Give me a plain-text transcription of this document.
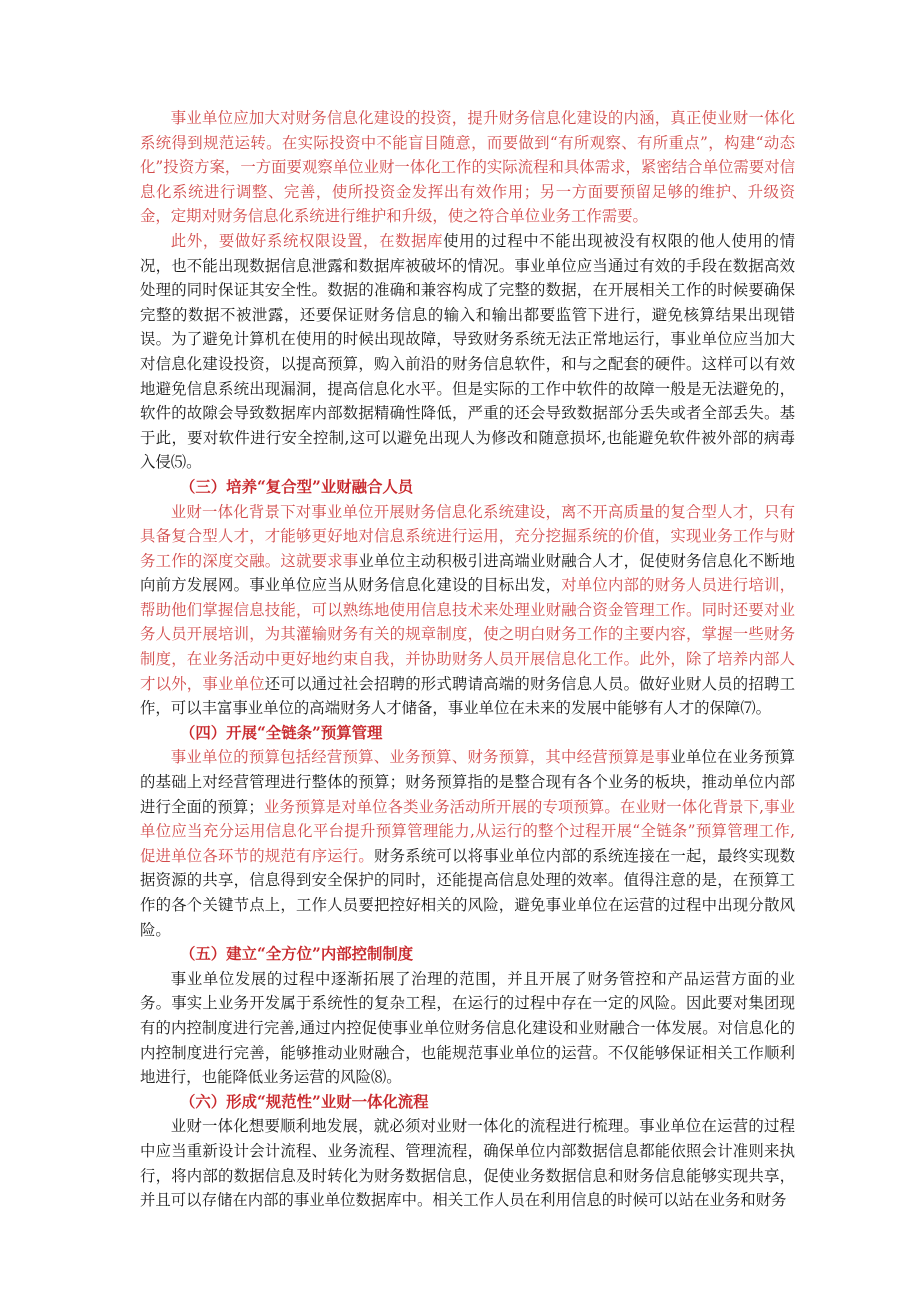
事业单位应加大对财务信息化建设的投资，提升财务信息化建设的内涵，真正使业财一体化系统得到规范运转。在实际投资中不能盲目随意，而要做到“有所观察、有所重点”，构建“动态化”投资方案，一方面要观察单位业财一体化工作的实际流程和具体需求，紧密结合单位需要对信息化系统进行调整、完善，使所投资金发挥出有效作用；另一方面要预留足够的维护、升级资金，定期对财务信息化系统进行维护和升级，使之符合单位业务工作需要。

此外，要做好系统权限设置，在数据库使用的过程中不能出现被没有权限的他人使用的情况，也不能出现数据信息泄露和数据库被破坏的情况。事业单位应当通过有效的手段在数据高效处理的同时保证其安全性。数据的准确和兼容构成了完整的数据，在开展相关工作的时候要确保完整的数据不被泄露，还要保证财务信息的输入和输出都要监管下进行，避免核算结果出现错误。为了避免计算机在使用的时候出现故障，导致财务系统无法正常地运行，事业单位应当加大对信息化建设投资，以提高预算，购入前沿的财务信息软件，和与之配套的硬件。这样可以有效地避免信息系统出现漏洞，提高信息化水平。但是实际的工作中软件的故障一般是无法避免的，软件的故隙会导致数据库内部数据精确性降低，严重的还会导致数据部分丢失或者全部丢失。基于此，要对软件进行安全控制,这可以避免出现人为修改和随意损坏,也能避免软件被外部的病毒入侵⑸。

（三）培养“复合型”业财融合人员

业财一体化背景下对事业单位开展财务信息化系统建设，离不开高质量的复合型人才，只有具备复合型人才，才能够更好地对信息系统进行运用，充分挖掘系统的价值，实现业务工作与财务工作的深度交融。这就要求事业单位主动积极引进高端业财融合人才，促使财务信息化不断地向前方发展网。事业单位应当从财务信息化建设的目标出发，对单位内部的财务人员进行培训，帮助他们掌握信息技能，可以熟练地使用信息技术来处理业财融合资金管理工作。同时还要对业务人员开展培训，为其灌输财务有关的规章制度，使之明白财务工作的主要内容，掌握一些财务制度，在业务活动中更好地约束自我，并协助财务人员开展信息化工作。此外，除了培养内部人才以外，事业单位还可以通过社会招聘的形式聘请高端的财务信息人员。做好业财人员的招聘工作，可以丰富事业单位的高端财务人才储备，事业单位在未来的发展中能够有人才的保障⑺。

（四）开展“全链条”预算管理

事业单位的预算包括经营预算、业务预算、财务预算，其中经营预算是事业单位在业务预算的基础上对经营管理进行整体的预算；财务预算指的是整合现有各个业务的板块，推动单位内部进行全面的预算；业务预算是对单位各类业务活动所开展的专项预算。在业财一体化背景下,事业单位应当充分运用信息化平台提升预算管理能力,从运行的整个过程开展“全链条”预算管理工作,促进单位各环节的规范有序运行。财务系统可以将事业单位内部的系统连接在一起，最终实现数据资源的共享，信息得到安全保护的同时，还能提高信息处理的效率。值得注意的是，在预算工作的各个关键节点上，工作人员要把控好相关的风险，避免事业单位在运营的过程中出现分散风险。

（五）建立“全方位”内部控制制度

事业单位发展的过程中逐渐拓展了治理的范围，并且开展了财务管控和产品运营方面的业务。事实上业务开发属于系统性的复杂工程，在运行的过程中存在一定的风险。因此要对集团现有的内控制度进行完善,通过内控促使事业单位财务信息化建设和业财融合一体发展。对信息化的内控制度进行完善，能够推动业财融合，也能规范事业单位的运营。不仅能够保证相关工作顺利地进行，也能降低业务运营的风险⑻。

（六）形成“规范性”业财一体化流程

业财一体化想要顺利地发展，就必须对业财一体化的流程进行梳理。事业单位在运营的过程中应当重新设计会计流程、业务流程、管理流程，确保单位内部数据信息都能依照会计准则来执行，将内部的数据信息及时转化为财务数据信息，促使业务数据信息和财务信息能够实现共享，并且可以存储在内部的事业单位数据库中。相关工作人员在利用信息的时候可以站在业务和财务
